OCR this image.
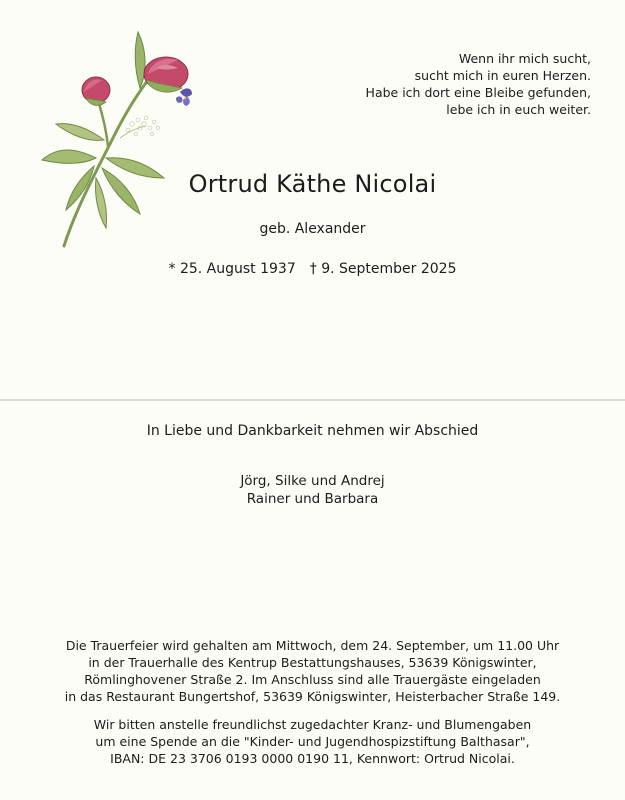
Wenn ihr mich sucht,
sucht mich in euren Herzen.
Habe ich dort eine Bleibe gefunden,
lebe ich in euch weiter.
Ortrud Käthe Nicolai
geb. Alexander
* 25. August 1937 † 9. September 2025
In Liebe und Dankbarkeit nehmen wir Abschied
Jörg, Silke und Andrej
Rainer und Barbara
Die Trauerfeier wird gehalten am Mittwoch, dem 24. September, um 11.00 Uhr
in der Trauerhalle des Kentrup Bestattungshauses, 53639 Königswinter,
Römlinghovener Straße 2. Im Anschluss sind alle Trauergäste eingeladen
in das Restaurant Bungertshof, 53639 Königswinter, Heisterbacher Straße 149.
Wir bitten anstelle freundlichst zugedachter Kranz- und Blumengaben
um eine Spende an die "Kinder- und Jugendhospizstiftung Balthasar",
IBAN: DE 23 3706 0193 0000 0190 11, Kennwort: Ortrud Nicolai.
